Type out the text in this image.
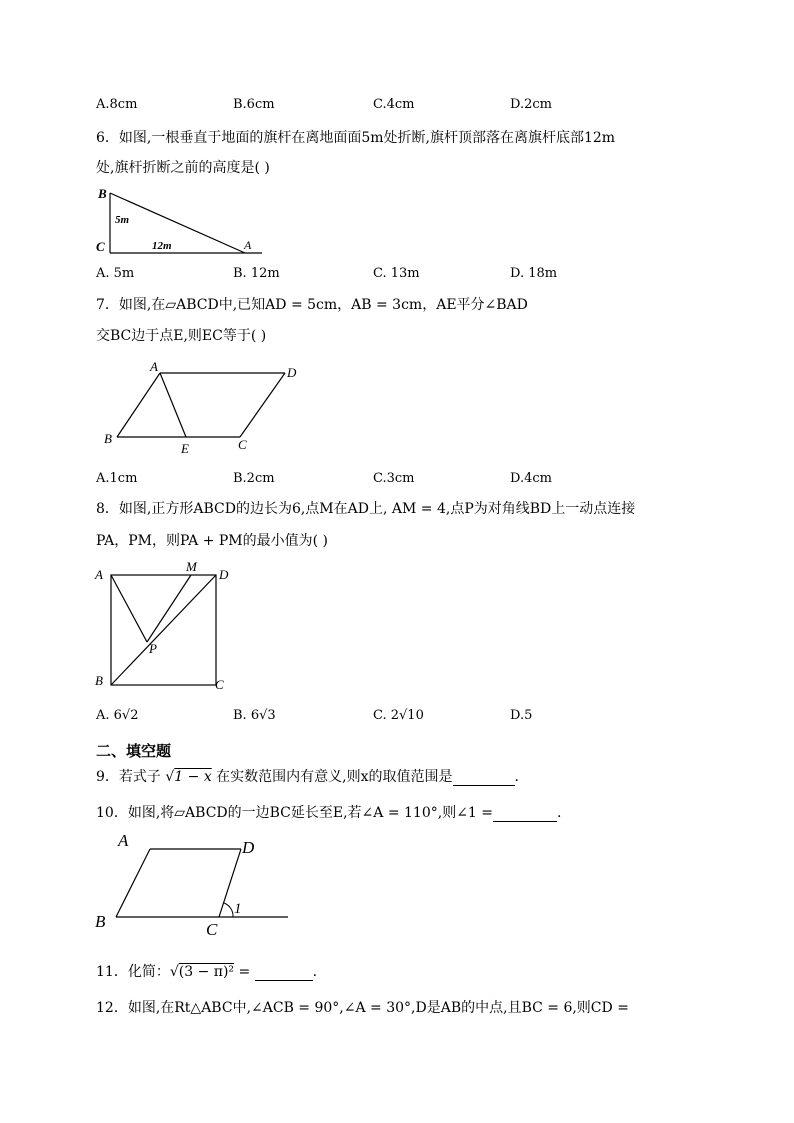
A.8cm	B.6cm	C.4cm	D.2cm
6．如图,一根垂直于地面的旗杆在离地面面5m处折断,旗杆顶部落在离旗杆底部12m
处,旗杆折断之前的高度是( )
B
C	A
5m
12m
A. 5m	B. 12m	C. 13m	D. 18m
7．如图,在▱ABCD中,已知AD = 5cm，AB = 3cm，AE平分∠BAD
交BC边于点E,则EC等于( )
A	D
B
E	C
A.1cm	B.2cm	C.3cm	D.4cm
8．如图,正方形ABCD的边长为6,点M在AD上, AM = 4,点P为对角线BD上一动点连接
PA，PM，则PA + PM的最小值为( )
A
M
D
P
B	C
A. 6√2	B. 6√3	C. 2√10	D.5
二、填空题
9．若式子 √1 − x 在实数范围内有意义,则x的取值范围是	.
10．如图,将▱ABCD的一边BC延长至E,若∠A = 110°,则∠1 =	.
A	D
B	C
1
11．化简：√(3 − π)² =	.
12．如图,在Rt△ABC中,∠ACB = 90°,∠A = 30°,D是AB的中点,且BC = 6,则CD =
